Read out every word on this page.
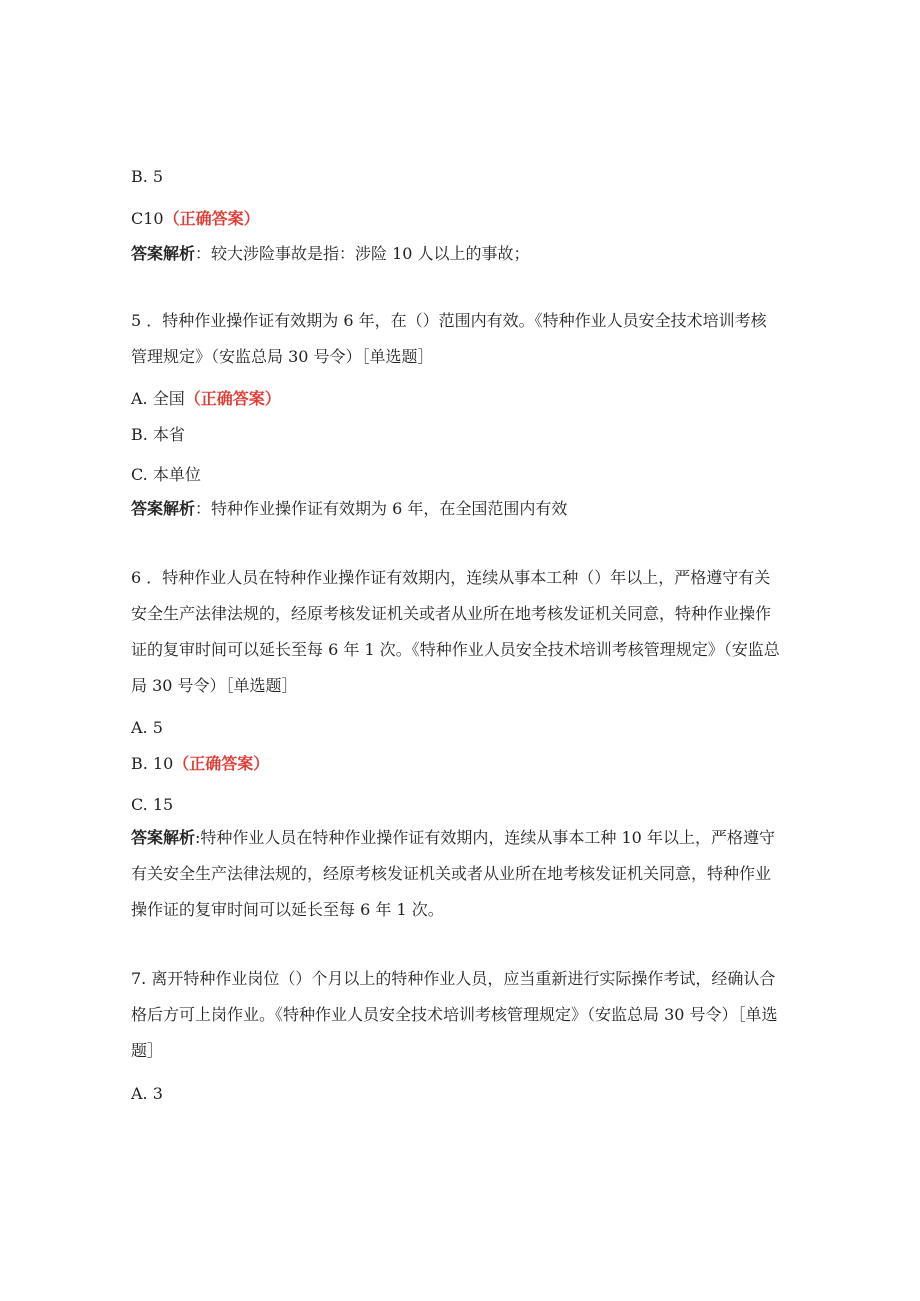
B. 5

C10（正确答案）

答案解析：较大涉险事故是指：涉险 10 人以上的事故；

5 ．特种作业操作证有效期为 6 年，在（）范围内有效。《特种作业人员安全技术培训考核管理规定》（安监总局 30 号令）［单选题］

A. 全国（正确答案）

B. 本省

C. 本单位

答案解析：特种作业操作证有效期为 6 年，在全国范围内有效

6 ．特种作业人员在特种作业操作证有效期内，连续从事本工种（）年以上，严格遵守有关安全生产法律法规的，经原考核发证机关或者从业所在地考核发证机关同意，特种作业操作证的复审时间可以延长至每 6 年 1 次。《特种作业人员安全技术培训考核管理规定》（安监总局 30 号令）［单选题］

A. 5

B. 10（正确答案）

C. 15

答案解析:特种作业人员在特种作业操作证有效期内，连续从事本工种 10 年以上，严格遵守有关安全生产法律法规的，经原考核发证机关或者从业所在地考核发证机关同意，特种作业操作证的复审时间可以延长至每 6 年 1 次。

7. 离开特种作业岗位（）个月以上的特种作业人员，应当重新进行实际操作考试，经确认合格后方可上岗作业。《特种作业人员安全技术培训考核管理规定》（安监总局 30 号令）［单选题］

A. 3
